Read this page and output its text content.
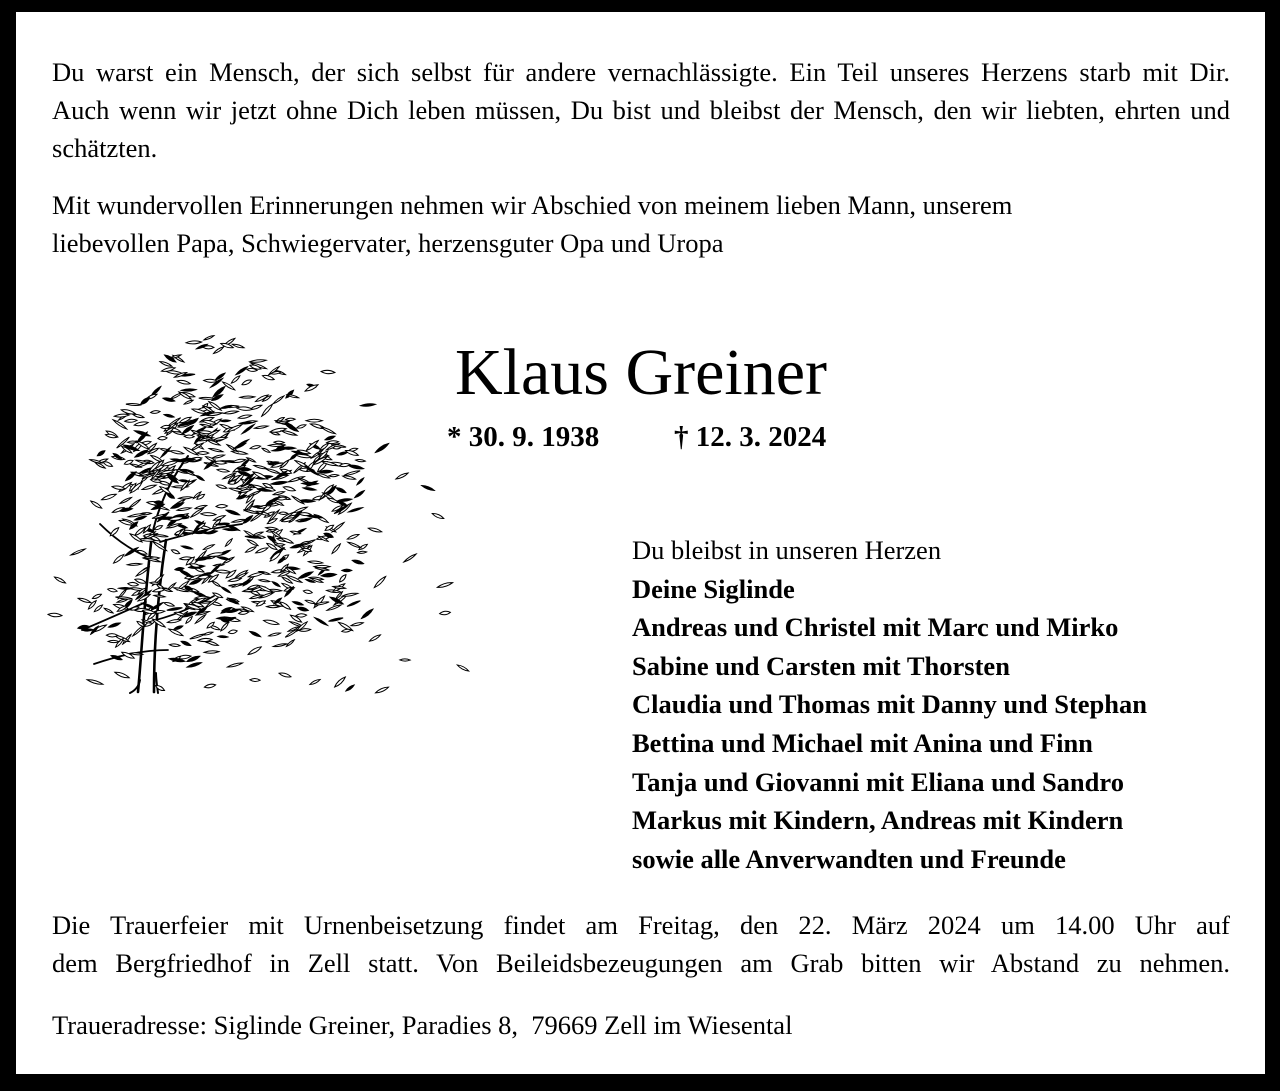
Du warst ein Mensch, der sich selbst für andere vernachlässigte. Ein Teil unseres Herzens starb mit Dir.
Auch wenn wir jetzt ohne Dich leben müssen, Du bist und bleibst der Mensch, den wir liebten, ehrten und
schätzten.
Mit wundervollen Erinnerungen nehmen wir Abschied von meinem lieben Mann, unserem
liebevollen Papa, Schwiegervater, herzensguter Opa und Uropa
Klaus Greiner
* 30. 9. 1938	† 12. 3. 2024
Du bleibst in unseren Herzen
Deine Siglinde
Andreas und Christel mit Marc und Mirko
Sabine und Carsten mit Thorsten
Claudia und Thomas mit Danny und Stephan
Bettina und Michael mit Anina und Finn
Tanja und Giovanni mit Eliana und Sandro
Markus mit Kindern, Andreas mit Kindern
sowie alle Anverwandten und Freunde
Die Trauerfeier mit Urnenbeisetzung findet am Freitag, den 22. März 2024 um 14.00 Uhr auf
dem Bergfriedhof in Zell statt. Von Beileidsbezeugungen am Grab bitten wir Abstand zu nehmen.
Traueradresse: Siglinde Greiner, Paradies 8,  79669 Zell im Wiesental
